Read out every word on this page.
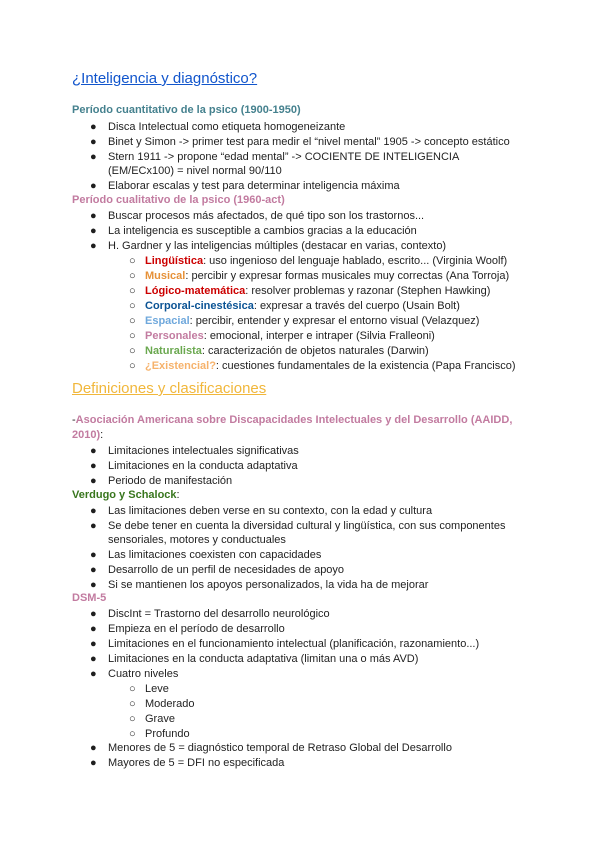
¿Inteligencia y diagnóstico?
Período cuantitativo de la psico (1900-1950)
● Disca Intelectual como etiqueta homogeneizante
● Binet y Simon -> primer test para medir el “nivel mental” 1905 -> concepto estático
● Stern 1911 -> propone “edad mental” -> COCIENTE DE INTELIGENCIA
(EM/ECx100) = nivel normal 90/110
● Elaborar escalas y test para determinar inteligencia máxima
Período cualitativo de la psico (1960-act)
● Buscar procesos más afectados, de qué tipo son los trastornos...
● La inteligencia es susceptible a cambios gracias a la educación
● H. Gardner y las inteligencias múltiples (destacar en varias, contexto)
○ Lingüística: uso ingenioso del lenguaje hablado, escrito... (Virginia Woolf)
○ Musical: percibir y expresar formas musicales muy correctas (Ana Torroja)
○ Lógico-matemática: resolver problemas y razonar (Stephen Hawking)
○ Corporal-cinestésica: expresar a través del cuerpo (Usain Bolt)
○ Espacial: percibir, entender y expresar el entorno visual (Velazquez)
○ Personales: emocional, interper e intraper (Silvia Fralleoni)
○ Naturalista: caracterización de objetos naturales (Darwin)
○ ¿Existencial?: cuestiones fundamentales de la existencia (Papa Francisco)
Definiciones y clasificaciones
-Asociación Americana sobre Discapacidades Intelectuales y del Desarrollo (AAIDD,
2010):
● Limitaciones intelectuales significativas
● Limitaciones en la conducta adaptativa
● Periodo de manifestación
Verdugo y Schalock:
● Las limitaciones deben verse en su contexto, con la edad y cultura
● Se debe tener en cuenta la diversidad cultural y lingüística, con sus componentes
sensoriales, motores y conductuales
● Las limitaciones coexisten con capacidades
● Desarrollo de un perfil de necesidades de apoyo
● Si se mantienen los apoyos personalizados, la vida ha de mejorar
DSM-5
● DiscInt = Trastorno del desarrollo neurológico
● Empieza en el período de desarrollo
● Limitaciones en el funcionamiento intelectual (planificación, razonamiento...)
● Limitaciones en la conducta adaptativa (limitan una o más AVD)
● Cuatro niveles
○ Leve
○ Moderado
○ Grave
○ Profundo
● Menores de 5 = diagnóstico temporal de Retraso Global del Desarrollo
● Mayores de 5 = DFI no especificada
